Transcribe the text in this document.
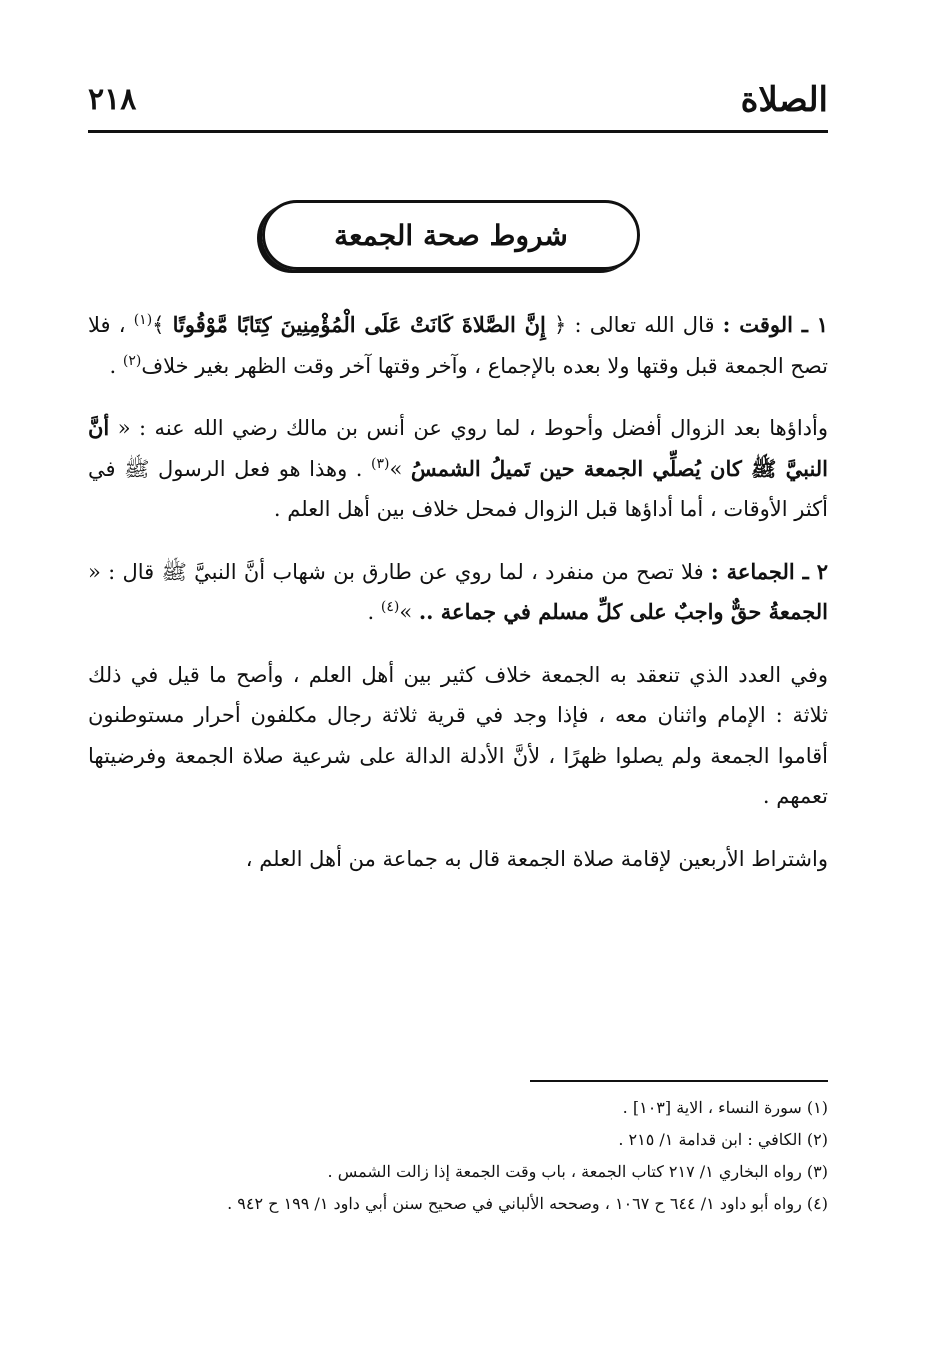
الصلاة
٢١٨
شروط صحة الجمعة

١ ـ الوقت : قال الله تعالى : ﴿ إِنَّ الصَّلاةَ كَانَتْ عَلَى الْمُؤْمِنِينَ كِتَابًا مَّوْقُوتًا ﴾$^{(١)}$ ، فلا تصح الجمعة قبل وقتها ولا بعده بالإجماع ، وآخر وقتها آخر وقت الظهر بغير خلاف$^{(٢)}$ .

وأداؤها بعد الزوال أفضل وأحوط ، لما روي عن أنس بن مالك رضي الله عنه : « أنَّ النبيَّ ﷺ كان يُصلِّي الجمعة حين تَميلُ الشمسُ »$^{(٣)}$ . وهذا هو فعل الرسول ﷺ في أكثر الأوقات ، أما أداؤها قبل الزوال فمحل خلاف بين أهل العلم .

٢ ـ الجماعة : فلا تصح من منفرد ، لما روي عن طارق بن شهاب أنَّ النبيَّ ﷺ قال : « الجمعةُ حقٌّ واجبٌ على كلِّ مسلم في جماعة .. »$^{(٤)}$ .

وفي العدد الذي تنعقد به الجمعة خلاف كثير بين أهل العلم ، وأصح ما قيل في ذلك ثلاثة : الإمام واثنان معه ، فإذا وجد في قرية ثلاثة رجال مكلفون أحرار مستوطنون أقاموا الجمعة ولم يصلوا ظهرًا ، لأنَّ الأدلة الدالة على شرعية صلاة الجمعة وفرضيتها تعمهم .

واشتراط الأربعين لإقامة صلاة الجمعة قال به جماعة من أهل العلم ،

(١) سورة النساء ، الاية [١٠٣] .

(٢) الكافي : ابن قدامة ١/ ٢١٥ .

(٣) رواه البخاري ١/ ٢١٧ كتاب الجمعة ، باب وقت الجمعة إذا زالت الشمس .

(٤) رواه أبو داود ١/ ٦٤٤ ح ١٠٦٧ ، وصححه الألباني في صحيح سنن أبي داود ١/ ١٩٩ ح ٩٤٢ .
